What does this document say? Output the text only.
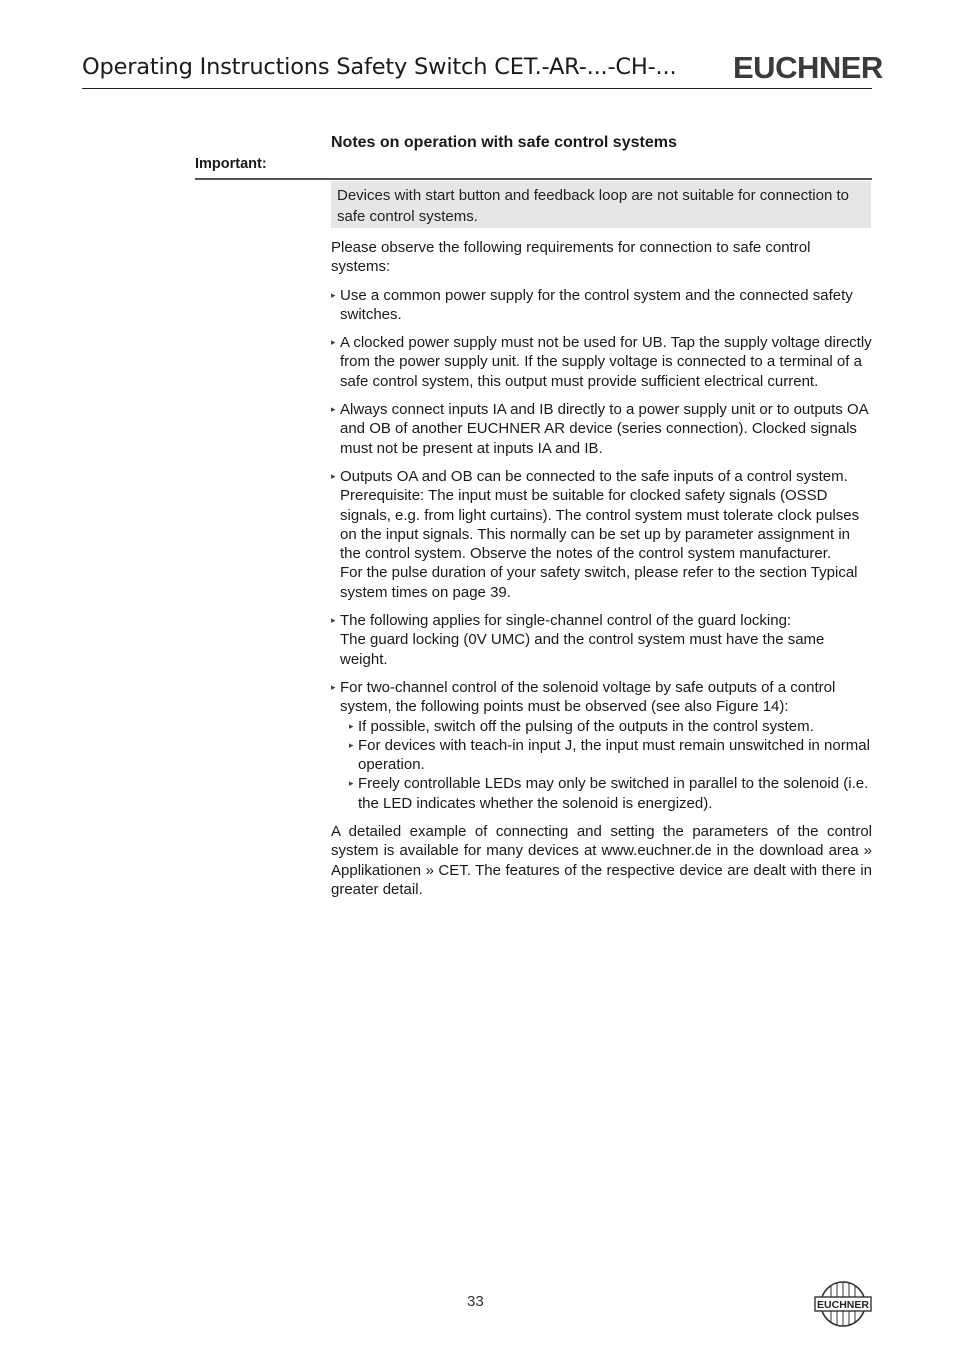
Operating Instructions Safety Switch CET.-AR-...-CH-... EUCHNER
Notes on operation with safe control systems
Important:
Devices with start button and feedback loop are not suitable for connection to safe control systems.

Please observe the following requirements for connection to safe control systems:

▸ Use a common power supply for the control system and the connected safety switches.
▸ A clocked power supply must not be used for UB. Tap the supply voltage directly from the power supply unit. If the supply voltage is connected to a terminal of a safe control system, this output must provide sufficient electrical current.
▸ Always connect inputs IA and IB directly to a power supply unit or to outputs OA and OB of another EUCHNER AR device (series connection). Clocked signals must not be present at inputs IA and IB.
▸ Outputs OA and OB can be connected to the safe inputs of a control system. Prerequisite: The input must be suitable for clocked safety signals (OSSD signals, e.g. from light curtains). The control system must tolerate clock pulses on the input signals. This normally can be set up by parameter assignment in the control system. Observe the notes of the control system manufacturer.
For the pulse duration of your safety switch, please refer to the section Typical system times on page 39.
▸ The following applies for single-channel control of the guard locking:
The guard locking (0V UMC) and the control system must have the same weight.
▸ For two-channel control of the solenoid voltage by safe outputs of a control system, the following points must be observed (see also Figure 14):
▸ If possible, switch off the pulsing of the outputs in the control system.
▸ For devices with teach-in input J, the input must remain unswitched in normal operation.
▸ Freely controllable LEDs may only be switched in parallel to the solenoid (i.e. the LED indicates whether the solenoid is energized).

A detailed example of connecting and setting the parameters of the control system is available for many devices at www.euchner.de in the download area » Applikationen » CET. The features of the respective device are dealt with there in greater detail.

33	EUCHNER
